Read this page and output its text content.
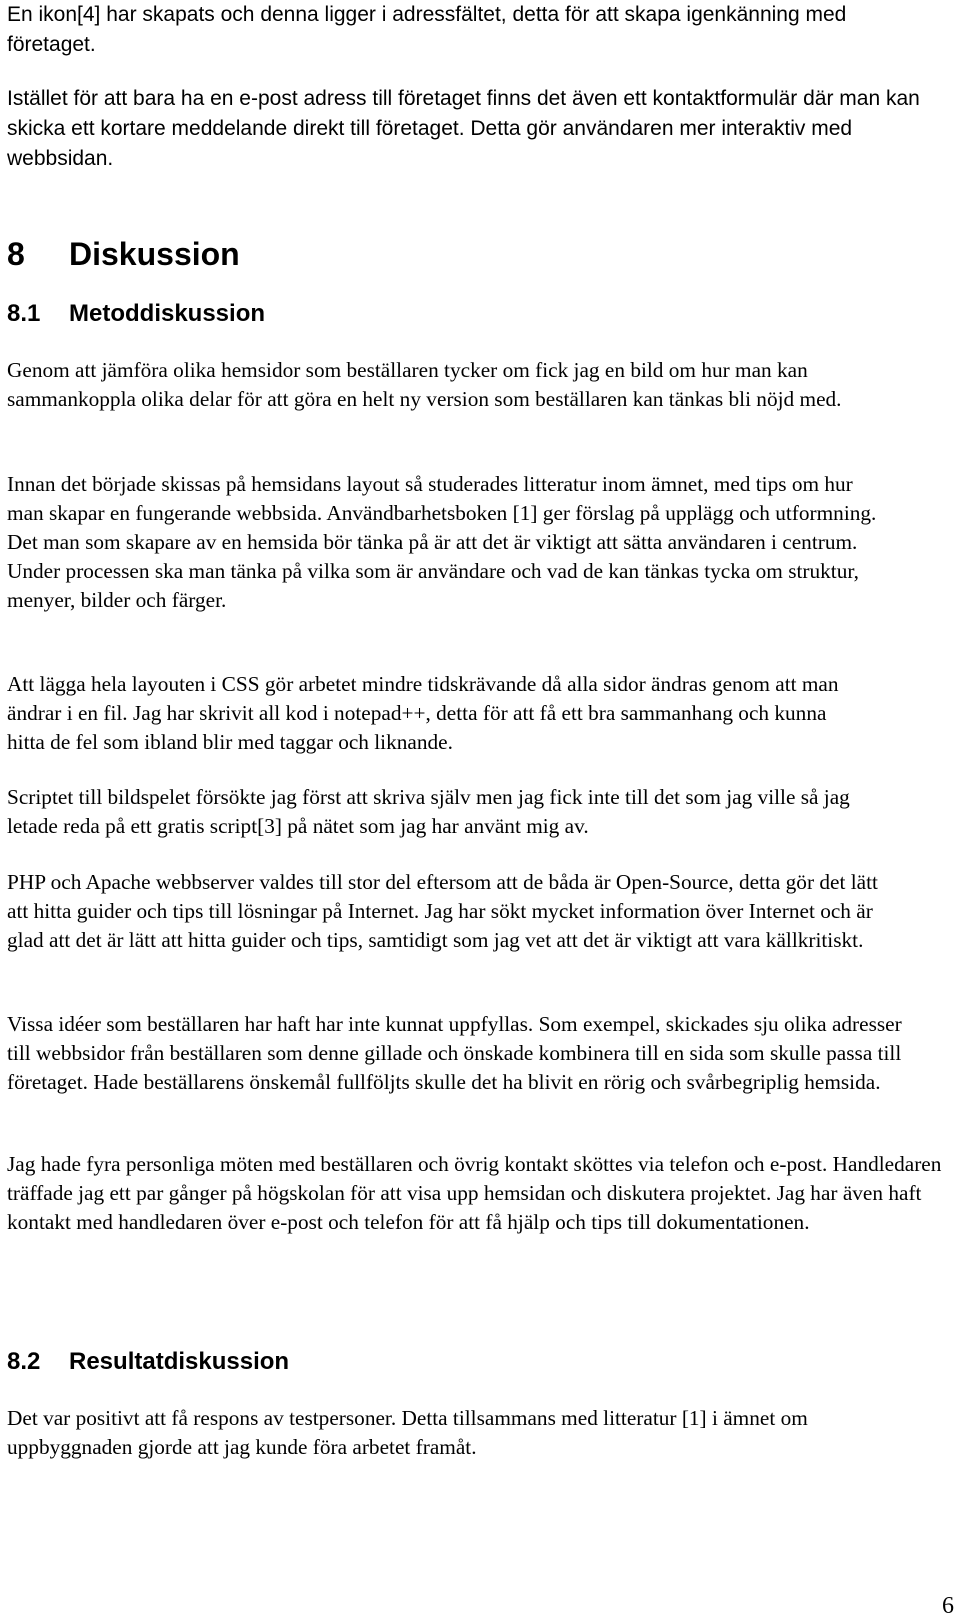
En ikon[4] har skapats och denna ligger i adressfältet, detta för att skapa igenkänning med företaget.

Istället för att bara ha en e-post adress till företaget finns det även ett kontaktformulär där man kan skicka ett kortare meddelande direkt till företaget. Detta gör användaren mer interaktiv med webbsidan.

8 Diskussion
8.1 Metoddiskussion

Genom att jämföra olika hemsidor som beställaren tycker om fick jag en bild om hur man kan sammankoppla olika delar för att göra en helt ny version som beställaren kan tänkas bli nöjd med.

Innan det började skissas på hemsidans layout så studerades litteratur inom ämnet, med tips om hur man skapar en fungerande webbsida. Användbarhetsboken [1] ger förslag på upplägg och utformning. Det man som skapare av en hemsida bör tänka på är att det är viktigt att sätta användaren i centrum. Under processen ska man tänka på vilka som är användare och vad de kan tänkas tycka om struktur, menyer, bilder och färger.

Att lägga hela layouten i CSS gör arbetet mindre tidskrävande då alla sidor ändras genom att man ändrar i en fil. Jag har skrivit all kod i notepad++, detta för att få ett bra sammanhang och kunna hitta de fel som ibland blir med taggar och liknande.

Scriptet till bildspelet försökte jag först att skriva själv men jag fick inte till det som jag ville så jag letade reda på ett gratis script[3] på nätet som jag har använt mig av.

PHP och Apache webbserver valdes till stor del eftersom att de båda är Open-Source, detta gör det lätt att hitta guider och tips till lösningar på Internet. Jag har sökt mycket information över Internet och är glad att det är lätt att hitta guider och tips, samtidigt som jag vet att det är viktigt att vara källkritiskt.

Vissa idéer som beställaren har haft har inte kunnat uppfyllas. Som exempel, skickades sju olika adresser till webbsidor från beställaren som denne gillade och önskade kombinera till en sida som skulle passa till företaget. Hade beställarens önskemål fullföljts skulle det ha blivit en rörig och svårbegriplig hemsida.

Jag hade fyra personliga möten med beställaren och övrig kontakt sköttes via telefon och e-post. Handledaren träffade jag ett par gånger på högskolan för att visa upp hemsidan och diskutera projektet. Jag har även haft kontakt med handledaren över e-post och telefon för att få hjälp och tips till dokumentationen.

8.2 Resultatdiskussion

Det var positivt att få respons av testpersoner. Detta tillsammans med litteratur [1] i ämnet om uppbyggnaden gjorde att jag kunde föra arbetet framåt.

6
